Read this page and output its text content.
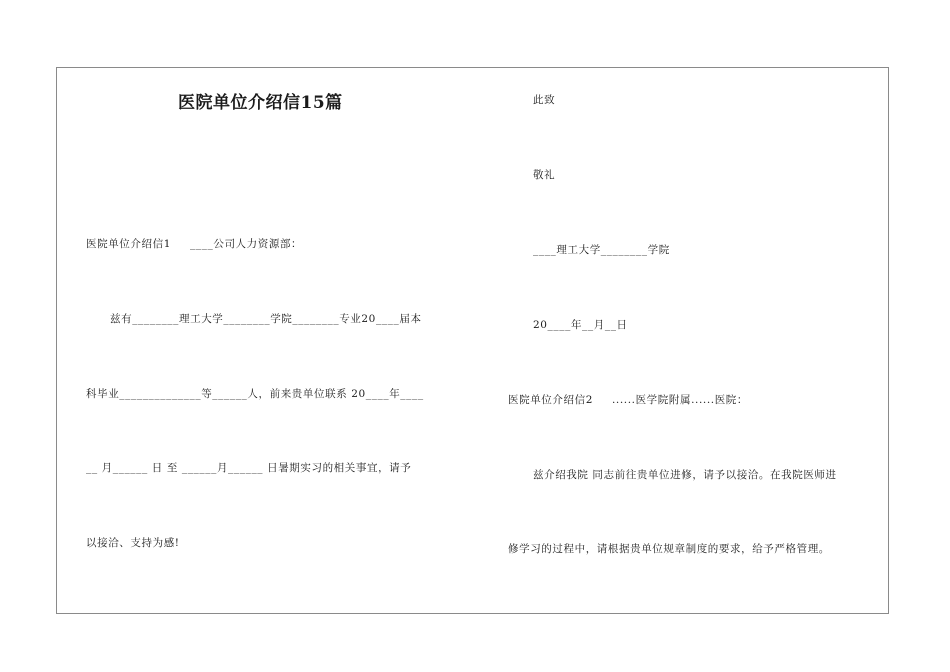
医院单位介绍信15篇
医院单位介绍信1 　 ____公司人力资源部：
兹有________理工大学________学院________专业20____届本
科毕业______________等______人，前来贵单位联系 20____年____
__ 月______ 日 至 ______月______ 日暑期实习的相关事宜，请予
以接洽、支持为感!
此致
敬礼
____理工大学________学院
20____年__月__日
医院单位介绍信2 　 ......医学院附属......医院：
兹介绍我院 同志前往贵单位进修，请予以接洽。在我院医师进
修学习的过程中，请根据贵单位规章制度的要求，给予严格管理。
